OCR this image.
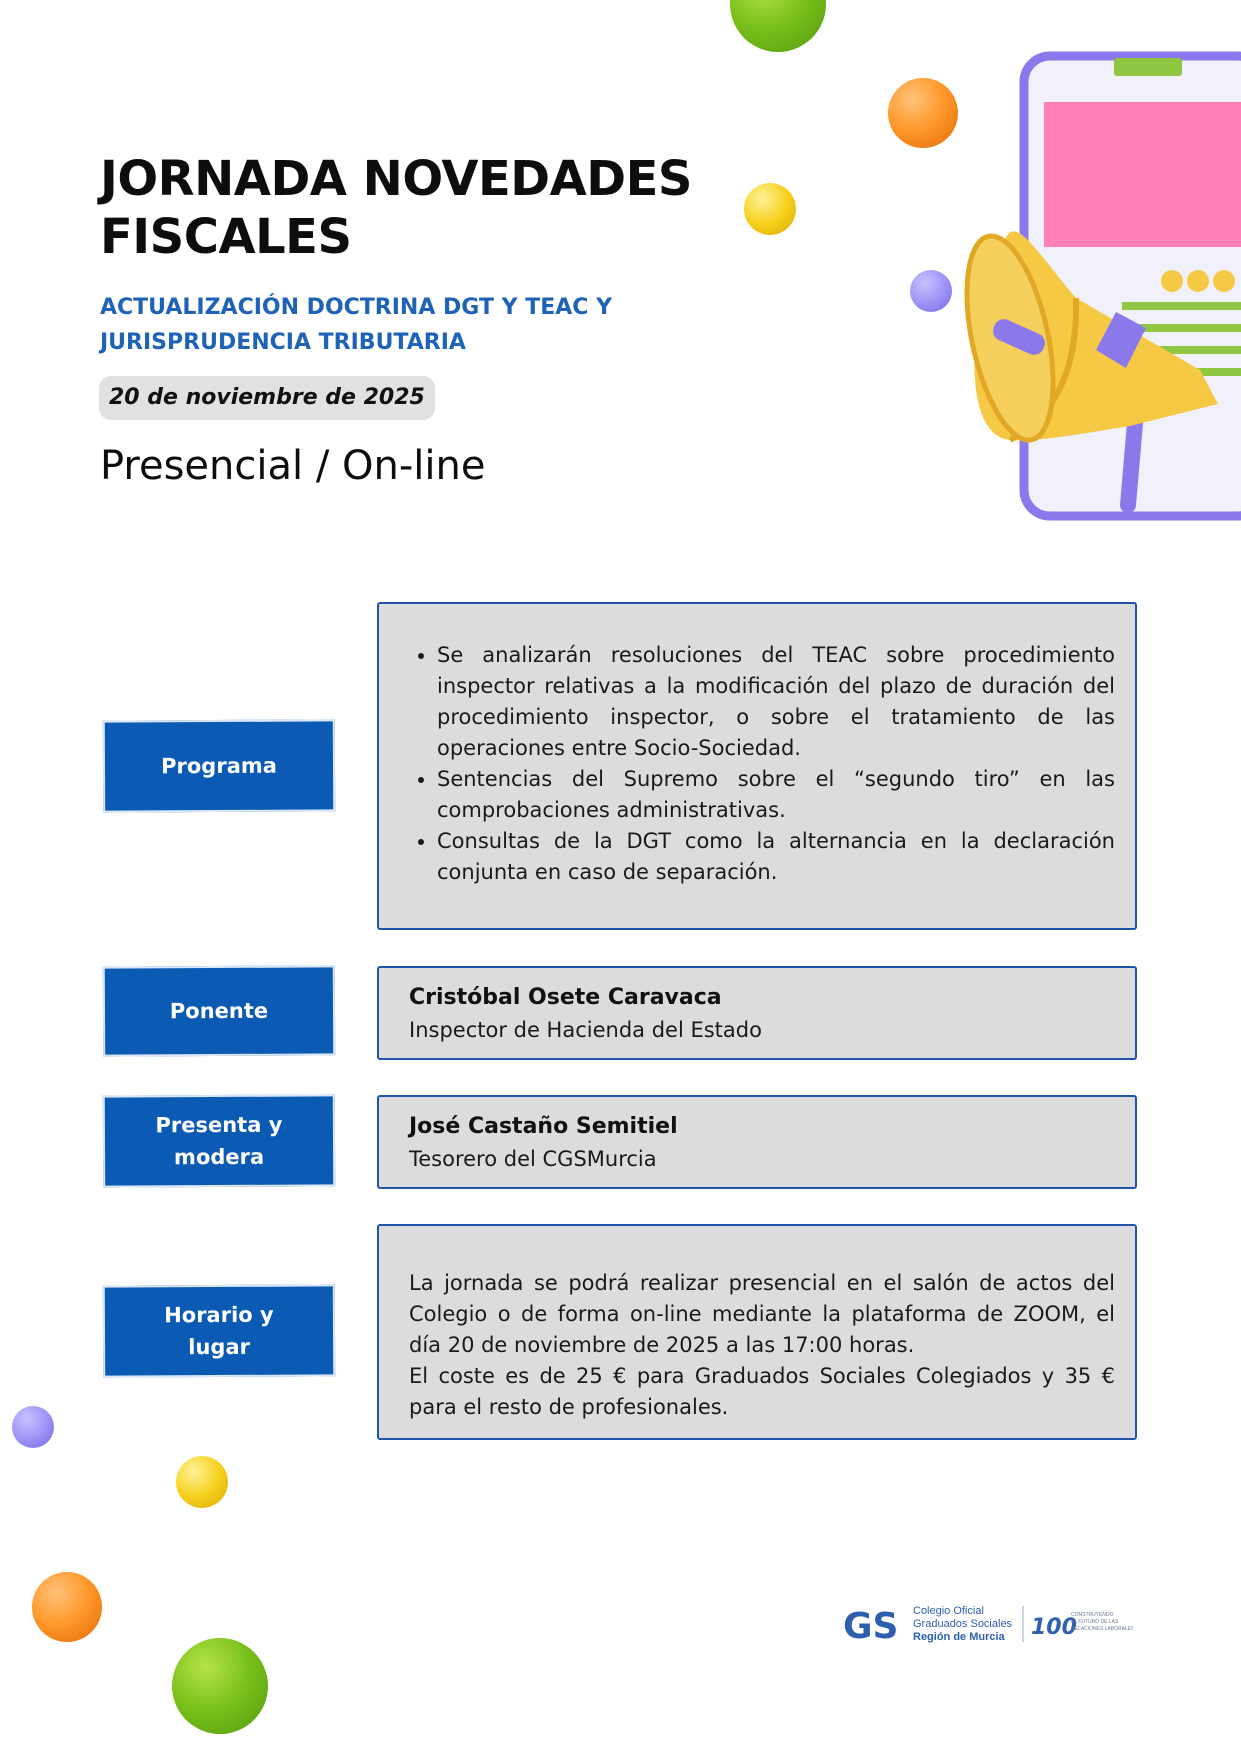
JORNADA NOVEDADES FISCALES

ACTUALIZACIÓN DOCTRINA DGT Y TEAC Y JURISPRUDENCIA TRIBUTARIA

20 de noviembre de 2025

Presencial / On-line

Programa
• Se analizarán resoluciones del TEAC sobre procedimiento inspector relativas a la modificación del plazo de duración del procedimiento inspector, o sobre el tratamiento de las operaciones entre Socio-Sociedad.
• Sentencias del Supremo sobre el “segundo tiro” en las comprobaciones administrativas.
• Consultas de la DGT como la alternancia en la declaración conjunta en caso de separación.
Ponente
Cristóbal Osete Caravaca
Inspector de Hacienda del Estado
Presenta y modera
José Castaño Semitiel
Tesorero del CGSMurcia
Horario y lugar

La jornada se podrá realizar presencial en el salón de actos del Colegio o de forma on-line mediante la plataforma de ZOOM, el día 20 de noviembre de 2025 a las 17:00 horas.

El coste es de 25 € para Graduados Sociales Colegiados y 35 € para el resto de profesionales.

GS Colegio Oficial
Graduados Sociales
Región de Murcia 100
CONSTRUYENDO
EL FUTURO DE LAS
RELACIONES LABORALES
